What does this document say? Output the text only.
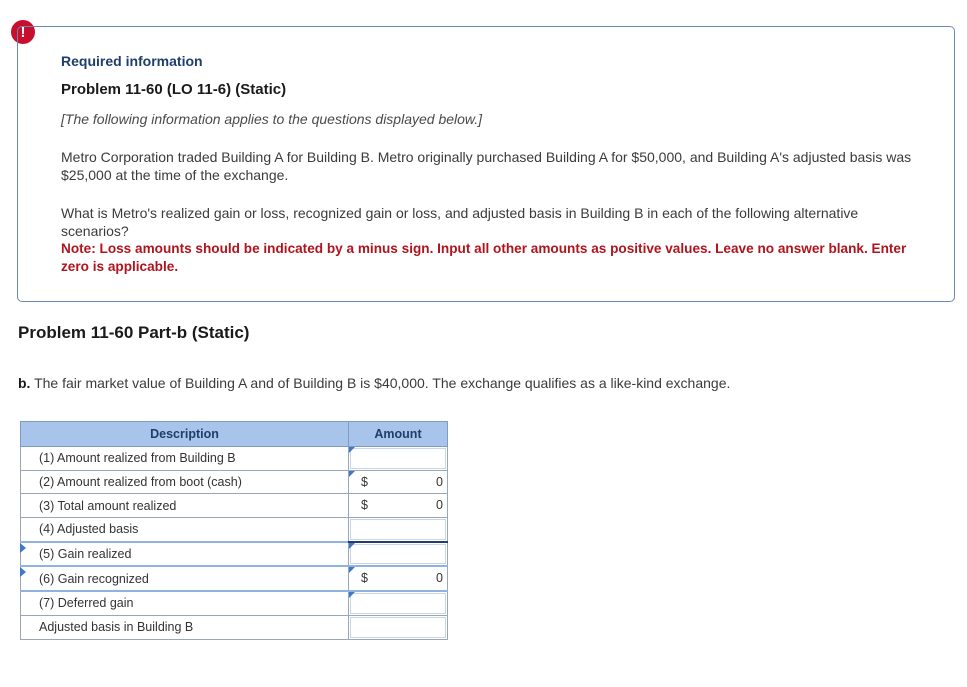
!

Required information

Problem 11-60 (LO 11-6) (Static)

[The following information applies to the questions displayed below.]

Metro Corporation traded Building A for Building B. Metro originally purchased Building A for $50,000, and Building A's adjusted basis was $25,000 at the time of the exchange.

What is Metro's realized gain or loss, recognized gain or loss, and adjusted basis in Building B in each of the following alternative scenarios?

Note: Loss amounts should be indicated by a minus sign. Input all other amounts as positive values. Leave no answer blank. Enter zero is applicable.

Problem 11-60 Part-b (Static)

b. The fair market value of Building A and of Building B is $40,000. The exchange qualifies as a like-kind exchange.

Description	Amount
(1) Amount realized from Building B	

(2) Amount realized from boot (cash)	$ 0

(3) Total amount realized	$ 0

(4) Adjusted basis	

(5) Gain realized	

(6) Gain recognized	$ 0

(7) Deferred gain	

Adjusted basis in Building B	
